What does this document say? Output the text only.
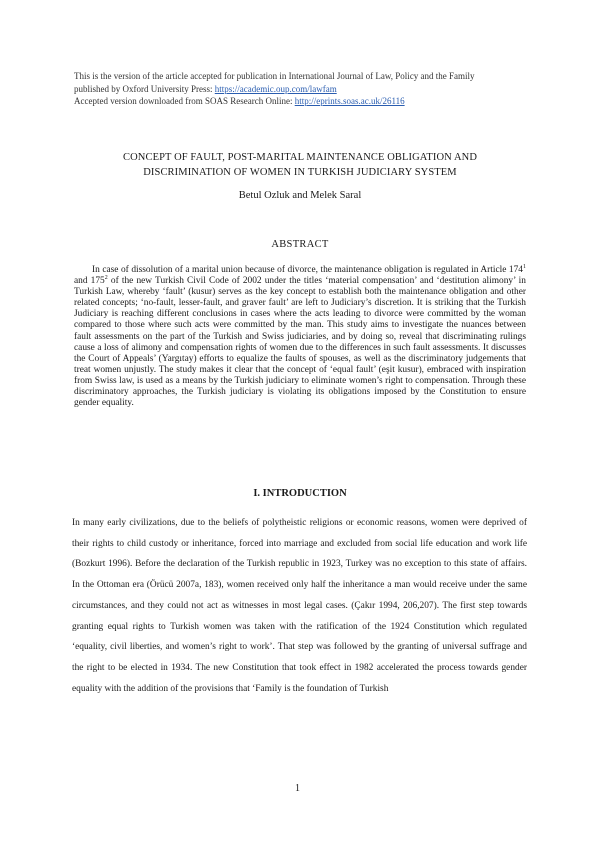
This is the version of the article accepted for publication in International Journal of Law, Policy and the Family
published by Oxford University Press: https://academic.oup.com/lawfam
Accepted version downloaded from SOAS Research Online: http://eprints.soas.ac.uk/26116
CONCEPT OF FAULT, POST-MARITAL MAINTENANCE OBLIGATION AND
DISCRIMINATION OF WOMEN IN TURKISH JUDICIARY SYSTEM
Betul Ozluk and Melek Saral
ABSTRACT
In case of dissolution of a marital union because of divorce, the maintenance obligation is regulated in Article $174^1$ and $175^2$ of the new Turkish Civil Code of 2002 under the titles ‘material compensation’ and ‘destitution alimony’ in Turkish Law, whereby ‘fault’ (kusur) serves as the key concept to establish both the maintenance obligation and other related concepts; ‘no-fault, lesser-fault, and graver fault’ are left to Judiciary’s discretion. It is striking that the Turkish Judiciary is reaching different conclusions in cases where the acts leading to divorce were committed by the woman compared to those where such acts were committed by the man. This study aims to investigate the nuances between fault assessments on the part of the Turkish and Swiss judiciaries, and by doing so, reveal that discriminating rulings cause a loss of alimony and compensation rights of women due to the differences in such fault assessments. It discusses the Court of Appeals’ (Yargıtay) efforts to equalize the faults of spouses, as well as the discriminatory judgements that treat women unjustly. The study makes it clear that the concept of ‘equal fault’ (eşit kusur), embraced with inspiration from Swiss law, is used as a means by the Turkish judiciary to eliminate women’s right to compensation. Through these discriminatory approaches, the Turkish judiciary is violating its obligations imposed by the Constitution to ensure gender equality.
I. INTRODUCTION
In many early civilizations, due to the beliefs of polytheistic religions or economic reasons, women were deprived of their rights to child custody or inheritance, forced into marriage and excluded from social life education and work life (Bozkurt 1996). Before the declaration of the Turkish republic in 1923, Turkey was no exception to this state of affairs. In the Ottoman era (Örücü 2007a, 183), women received only half the inheritance a man would receive under the same circumstances, and they could not act as witnesses in most legal cases. (Çakır 1994, 206,207). The first step towards granting equal rights to Turkish women was taken with the ratification of the 1924 Constitution which regulated ‘equality, civil liberties, and women’s right to work’. That step was followed by the granting of universal suffrage and the right to be elected in 1934. The new Constitution that took effect in 1982 accelerated the process towards gender equality with the addition of the provisions that ‘Family is the foundation of Turkish
1
